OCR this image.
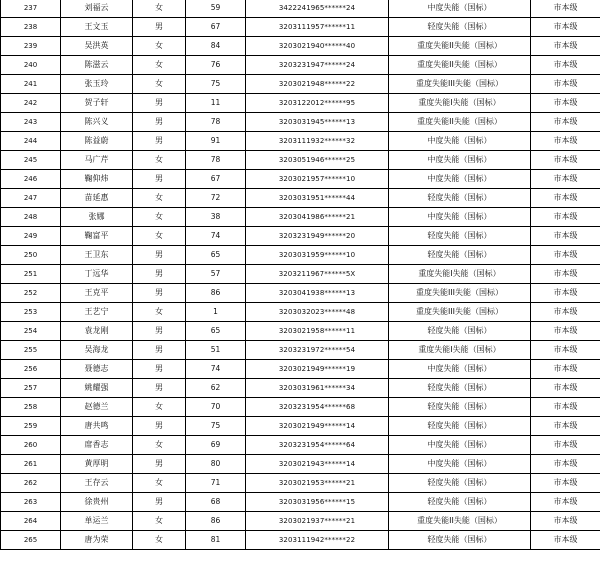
237	刘福云	女	59	3422241965******24	中度失能（国标）	市本级
238	王文玉	男	67	3203111957******11	轻度失能（国标）	市本级
239	吴洪英	女	84	3203021940******40	重度失能II失能（国标）	市本级
240	陈滋云	女	76	3203231947******24	重度失能II失能（国标）	市本级
241	张玉玲	女	75	3203021948******22	重度失能III失能（国标）	市本级
242	贺子轩	男	11	3203122012******95	重度失能I失能（国标）	市本级
243	陈兴义	男	78	3203031945******13	重度失能II失能（国标）	市本级
244	陈益蔚	男	91	3203111932******32	中度失能（国标）	市本级
245	马广芹	女	78	3203051946******25	中度失能（国标）	市本级
246	鞠仰炜	男	67	3203021957******10	中度失能（国标）	市本级
247	苗延惠	女	72	3203031951******44	轻度失能（国标）	市本级
248	张娜	女	38	3203041986******21	中度失能（国标）	市本级
249	鞠富平	女	74	3203231949******20	轻度失能（国标）	市本级
250	王卫东	男	65	3203031959******10	轻度失能（国标）	市本级
251	丁远华	男	57	3203211967******5X	重度失能I失能（国标）	市本级
252	王克平	男	86	3203041938******13	重度失能III失能（国标）	市本级
253	王艺宁	女	1	3203032023******48	重度失能III失能（国标）	市本级
254	袁龙刚	男	65	3203021958******11	轻度失能（国标）	市本级
255	吴海龙	男	51	3203231972******54	重度失能I失能（国标）	市本级
256	聂德志	男	74	3203021949******19	中度失能（国标）	市本级
257	姚耀强	男	62	3203031961******34	轻度失能（国标）	市本级
258	赵德兰	女	70	3203231954******68	轻度失能（国标）	市本级
259	唐共鸣	男	75	3203021949******14	轻度失能（国标）	市本级
260	席香志	女	69	3203231954******64	中度失能（国标）	市本级
261	黄厚明	男	80	3203021943******14	中度失能（国标）	市本级
262	王存云	女	71	3203021953******21	轻度失能（国标）	市本级
263	徐贵州	男	68	3203031956******15	轻度失能（国标）	市本级
264	单运兰	女	86	3203021937******21	重度失能II失能（国标）	市本级
265	唐为荣	女	81	3203111942******22	轻度失能（国标）	市本级
